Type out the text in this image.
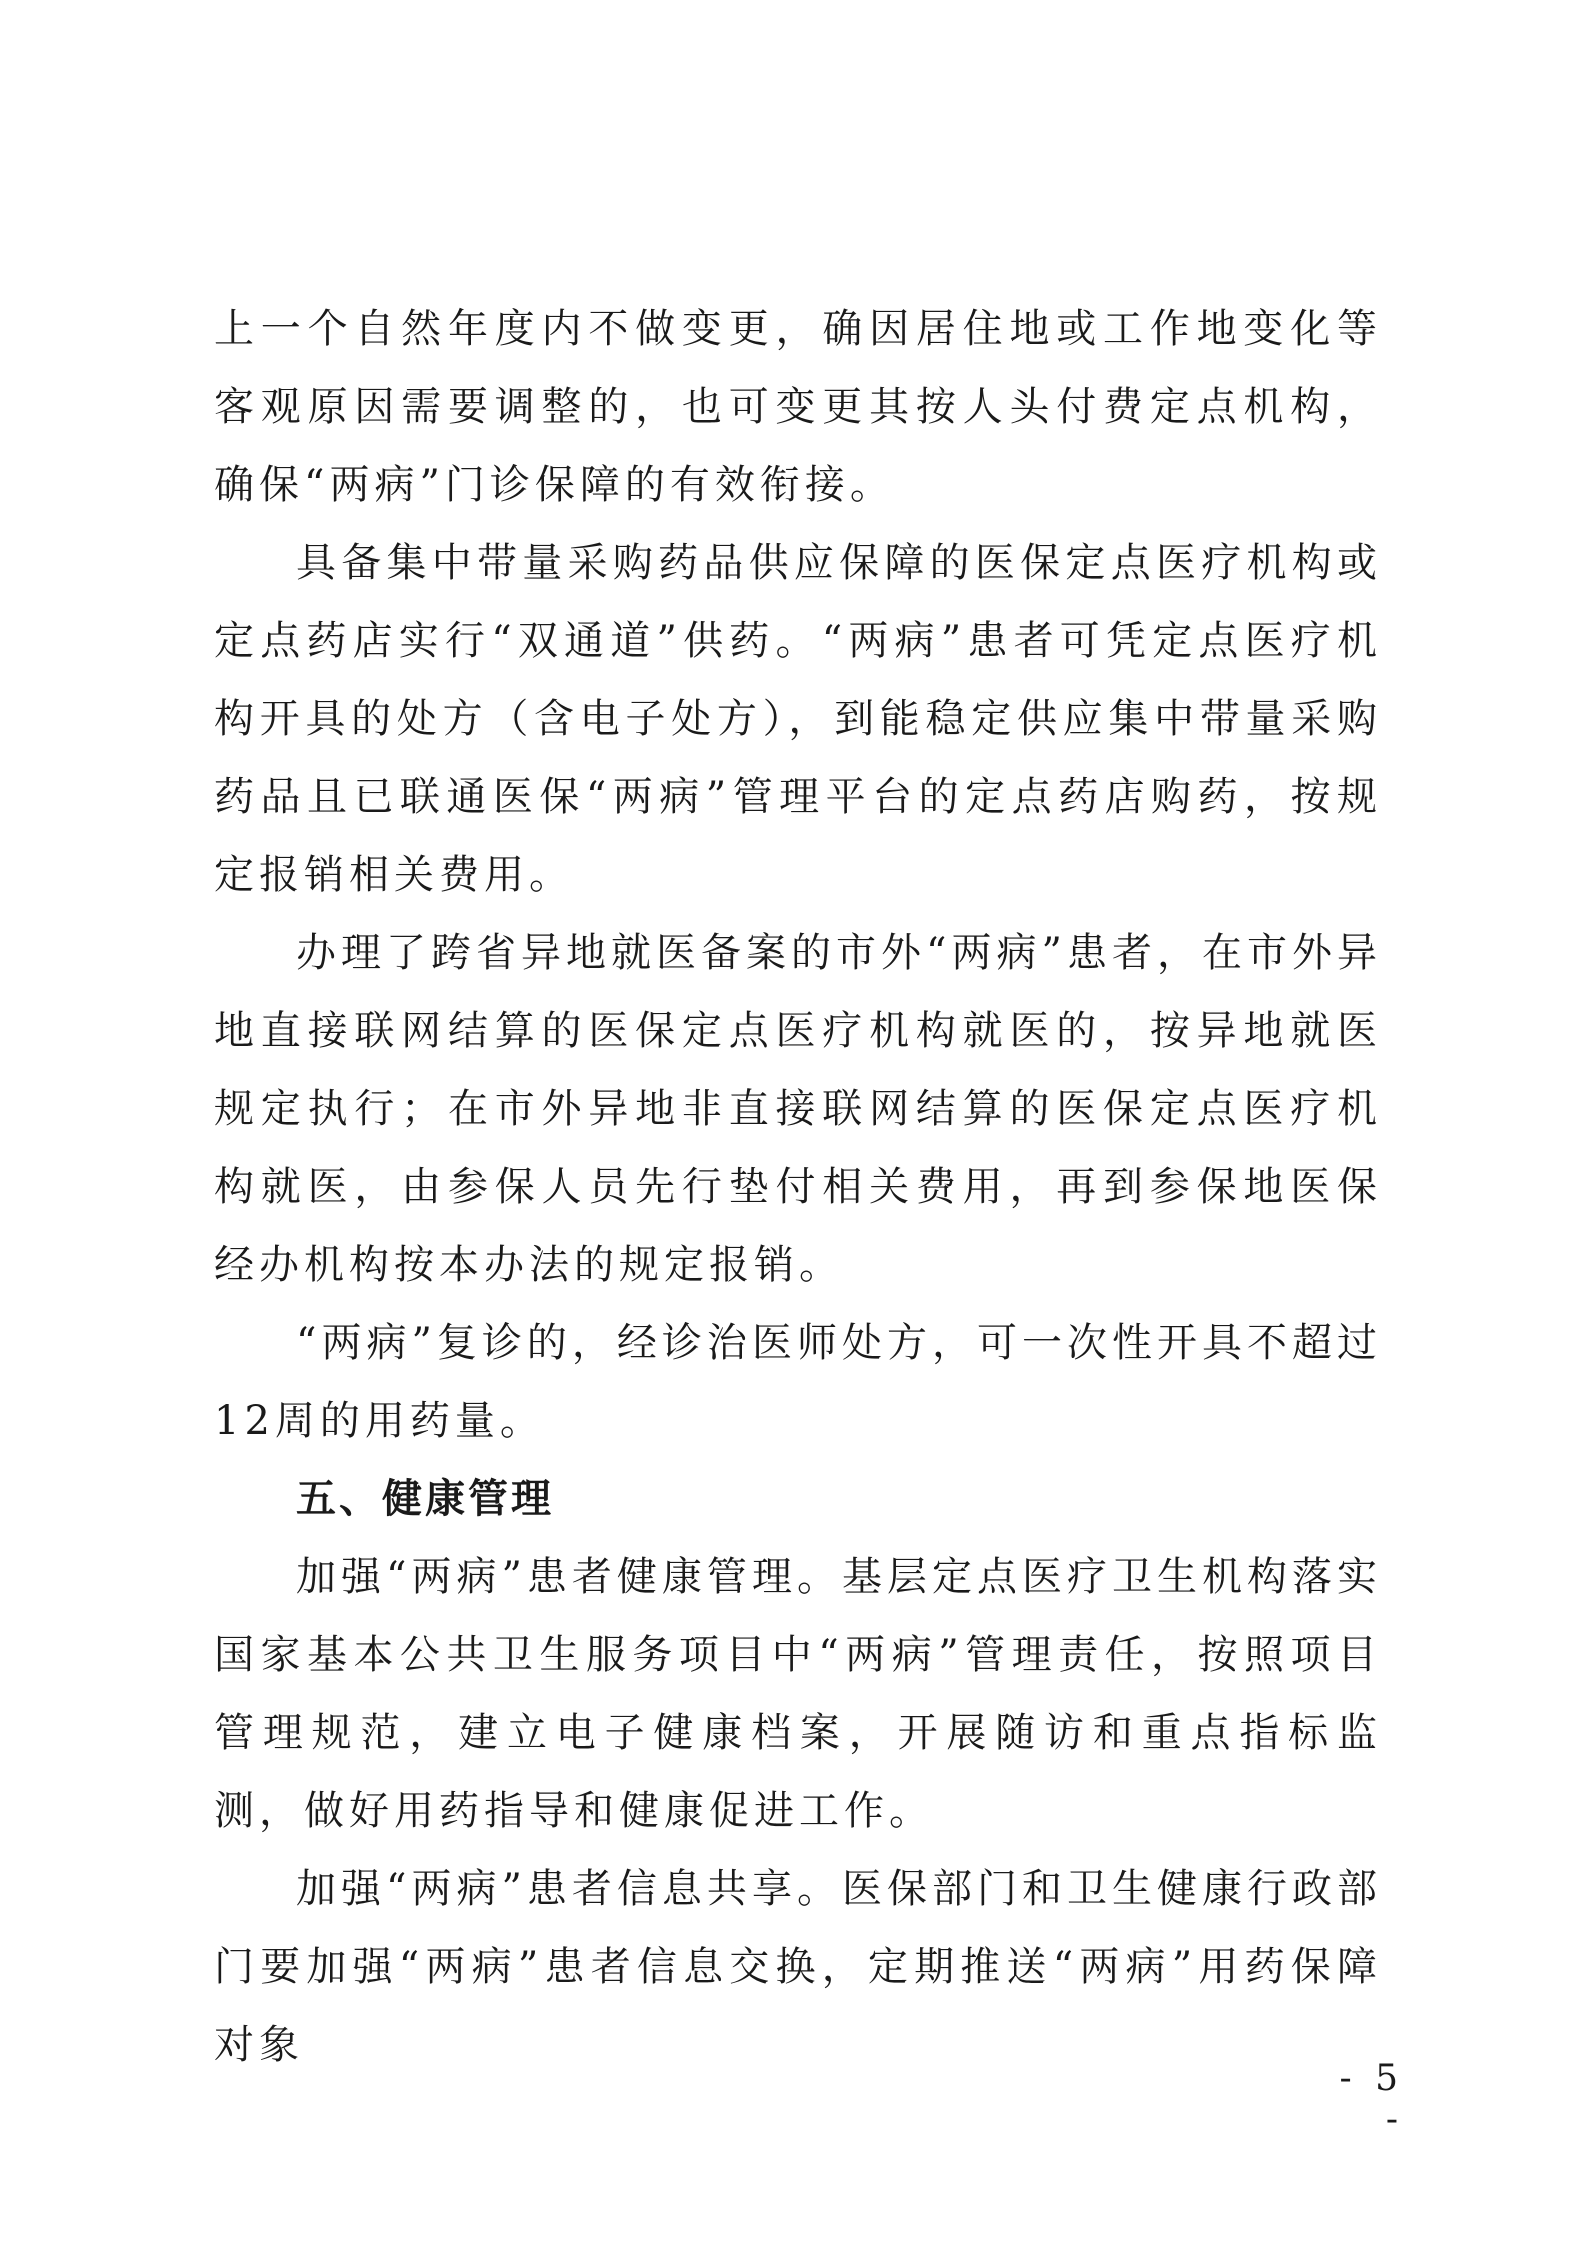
上一个自然年度内不做变更，确因居住地或工作地变化等客观原因需要调整的，也可变更其按人头付费定点机构，确保“两病”门诊保障的有效衔接。

具备集中带量采购药品供应保障的医保定点医疗机构或定点药店实行“双通道”供药。“两病”患者可凭定点医疗机构开具的处方（含电子处方），到能稳定供应集中带量采购药品且已联通医保“两病”管理平台的定点药店购药，按规定报销相关费用。

办理了跨省异地就医备案的市外“两病”患者，在市外异地直接联网结算的医保定点医疗机构就医的，按异地就医规定执行；在市外异地非直接联网结算的医保定点医疗机构就医，由参保人员先行垫付相关费用，再到参保地医保经办机构按本办法的规定报销。

“两病”复诊的，经诊治医师处方，可一次性开具不超过12周的用药量。

五、健康管理

加强“两病”患者健康管理。基层定点医疗卫生机构落实国家基本公共卫生服务项目中“两病”管理责任，按照项目管理规范，建立电子健康档案，开展随访和重点指标监测，做好用药指导和健康促进工作。

加强“两病”患者信息共享。医保部门和卫生健康行政部门要加强“两病”患者信息交换，定期推送“两病”用药保障对象

- 5 -
